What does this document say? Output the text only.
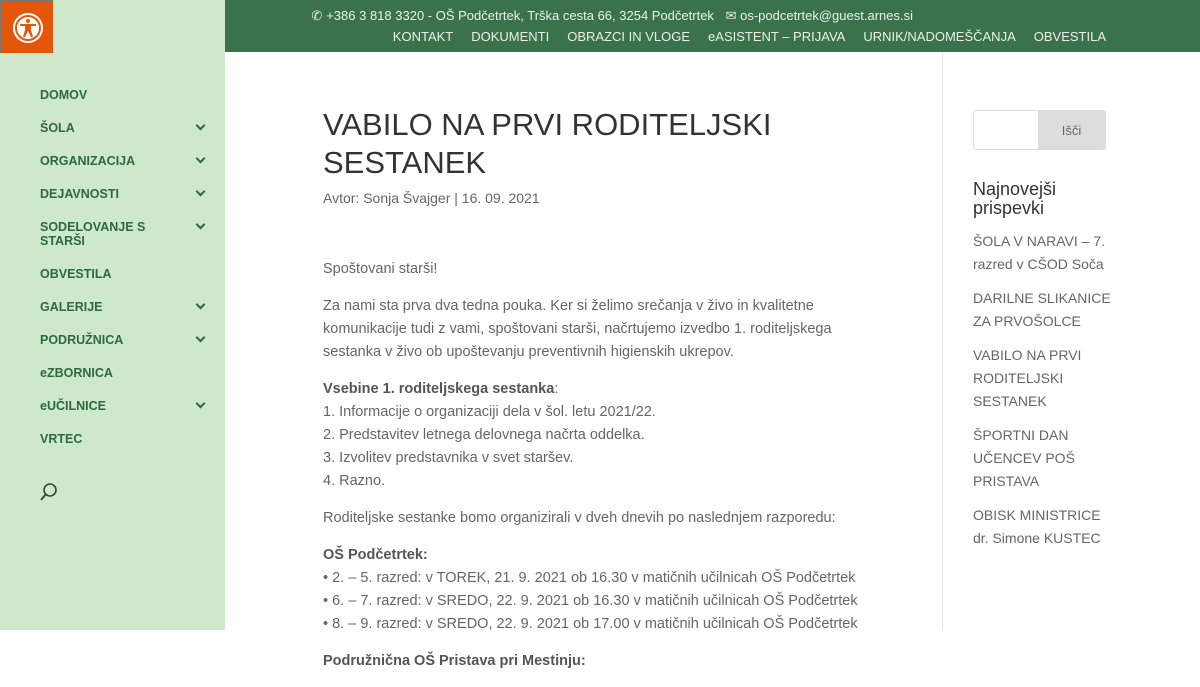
DOMOV
ŠOLA
ORGANIZACIJA
DEJAVNOSTI
SODELOVANJE S STARŠI
OBVESTILA
GALERIJE
PODRUŽNICA
eZBORNICA
eUČILNICE
VRTEC
✆ +386 3 818 3320 - OŠ Podčetrtek, Trška cesta 66, 3254 Podčetrtek ✉ os-podcetrtek@guest.arnes.si
KONTAKT DOKUMENTI OBRAZCI IN VLOGE eASISTENT – PRIJAVA URNIK/NADOMEŠČANJA OBVESTILA
VABILO NA PRVI RODITELJSKI SESTANEK
Avtor: Sonja Švajger | 16. 09. 2021

Spoštovani starši!

Za nami sta prva dva tedna pouka. Ker si želimo srečanja v živo in kvalitetne komunikacije tudi z vami, spoštovani starši, načrtujemo izvedbo 1. roditeljskega sestanka v živo ob upoštevanju preventivnih higienskih ukrepov.

Vsebine 1. roditeljskega sestanka:
1. Informacije o organizaciji dela v šol. letu 2021/22.
2. Predstavitev letnega delovnega načrta oddelka.
3. Izvolitev predstavnika v svet staršev.
4. Razno.

Roditeljske sestanke bomo organizirali v dveh dnevih po naslednjem razporedu:

OŠ Podčetrtek:
• 2. – 5. razred: v TOREK, 21. 9. 2021 ob 16.30 v matičnih učilnicah OŠ Podčetrtek
• 6. – 7. razred: v SREDO, 22. 9. 2021 ob 16.30 v matičnih učilnicah OŠ Podčetrtek
• 8. – 9. razred: v SREDO, 22. 9. 2021 ob 17.00 v matičnih učilnicah OŠ Podčetrtek

Podružnična OŠ Pristava pri Mestinju:

Išči
Najnovejši prispevki
ŠOLA V NARAVI – 7. razred v CŠOD Soča
DARILNE SLIKANICE ZA PRVOŠOLCE
VABILO NA PRVI RODITELJSKI SESTANEK
ŠPORTNI DAN UČENCEV POŠ PRISTAVA
OBISK MINISTRICE dr. Simone KUSTEC
